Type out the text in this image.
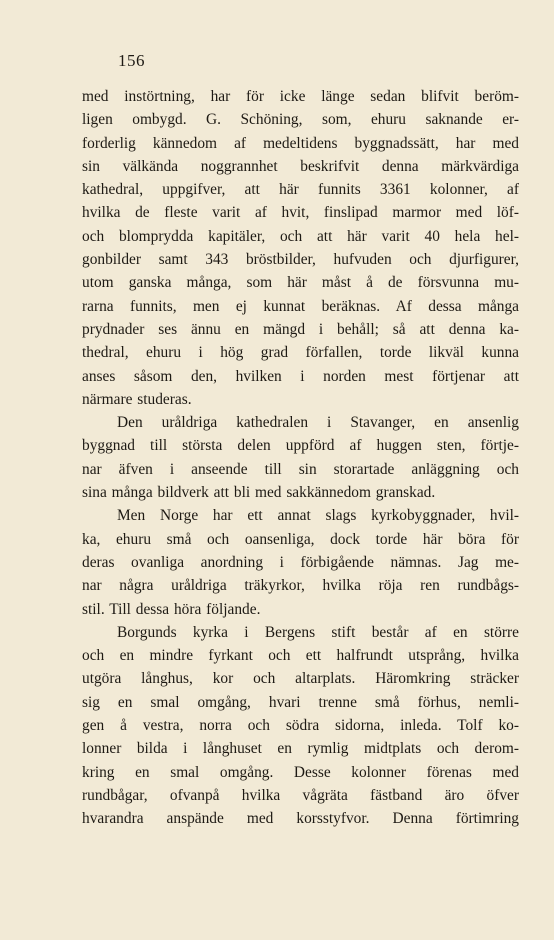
156
med instörtning, har för icke länge sedan blifvit beröm-
ligen ombygd. G. Schöning, som, ehuru saknande er-
forderlig kännedom af medeltidens byggnadssätt, har med
sin välkända noggrannhet beskrifvit denna märkvärdiga
kathedral, uppgifver, att här funnits 3361 kolonner, af
hvilka de fleste varit af hvit, finslipad marmor med löf-
och blomprydda kapitäler, och att här varit 40 hela hel-
gonbilder samt 343 bröstbilder, hufvuden och djurfigurer,
utom ganska många, som här måst å de försvunna mu-
rarna funnits, men ej kunnat beräknas. Af dessa många
prydnader ses ännu en mängd i behåll; så att denna ka-
thedral, ehuru i hög grad förfallen, torde likväl kunna
anses såsom den, hvilken i norden mest förtjenar att
närmare studeras.
Den uråldriga kathedralen i Stavanger, en ansenlig
byggnad till största delen uppförd af huggen sten, förtje-
nar äfven i anseende till sin storartade anläggning och
sina många bildverk att bli med sakkännedom granskad.
Men Norge har ett annat slags kyrkobyggnader, hvil-
ka, ehuru små och oansenliga, dock torde här böra för
deras ovanliga anordning i förbigående nämnas. Jag me-
nar några uråldriga träkyrkor, hvilka röja ren rundbågs-
stil. Till dessa höra följande.
Borgunds kyrka i Bergens stift består af en större
och en mindre fyrkant och ett halfrundt utsprång, hvilka
utgöra långhus, kor och altarplats. Häromkring sträcker
sig en smal omgång, hvari trenne små förhus, nemli-
gen å vestra, norra och södra sidorna, inleda. Tolf ko-
lonner bilda i långhuset en rymlig midtplats och derom-
kring en smal omgång. Desse kolonner förenas med
rundbågar, ofvanpå hvilka vågräta fästband äro öfver
hvarandra anspände med korsstyfvor. Denna förtimring
